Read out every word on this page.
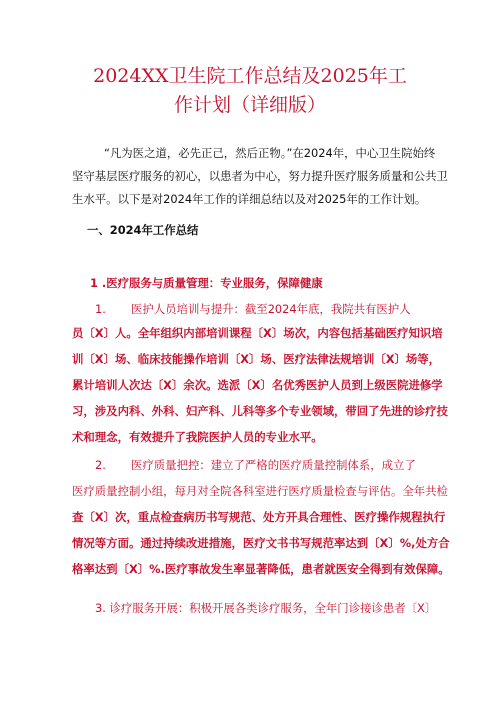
2024XX卫生院工作总结及2025年工
作计划（详细版）
“凡为医之道，必先正己，然后正物。”在2024年，中心卫生院始终
坚守基层医疗服务的初心，以患者为中心，努力提升医疗服务质量和公共卫
生水平。以下是对2024年工作的详细总结以及对2025年的工作计划。
一、2024年工作总结
1 .医疗服务与质量管理：专业服务，保障健康
1. 医护人员培训与提升：截至2024年底，我院共有医护人
员〔X〕人。全年组织内部培训课程〔X〕场次，内容包括基础医疗知识培
训〔X〕场、临床技能操作培训〔X〕场、医疗法律法规培训〔X〕场等，
累计培训人次达〔X〕余次。选派〔X〕名优秀医护人员到上级医院进修学
习，涉及内科、外科、妇产科、儿科等多个专业领域，带回了先进的诊疗技
术和理念，有效提升了我院医护人员的专业水平。
2. 医疗质量把控：建立了严格的医疗质量控制体系，成立了
医疗质量控制小组，每月对全院各科室进行医疗质量检查与评估。全年共检
查〔X〕次，重点检查病历书写规范、处方开具合理性、医疗操作规程执行
情况等方面。通过持续改进措施，医疗文书书写规范率达到〔X〕%,处方合
格率达到〔X〕%.医疗事故发生率显著降低，患者就医安全得到有效保障。
3. 诊疗服务开展：积极开展各类诊疗服务，全年门诊接诊患者〔X〕
